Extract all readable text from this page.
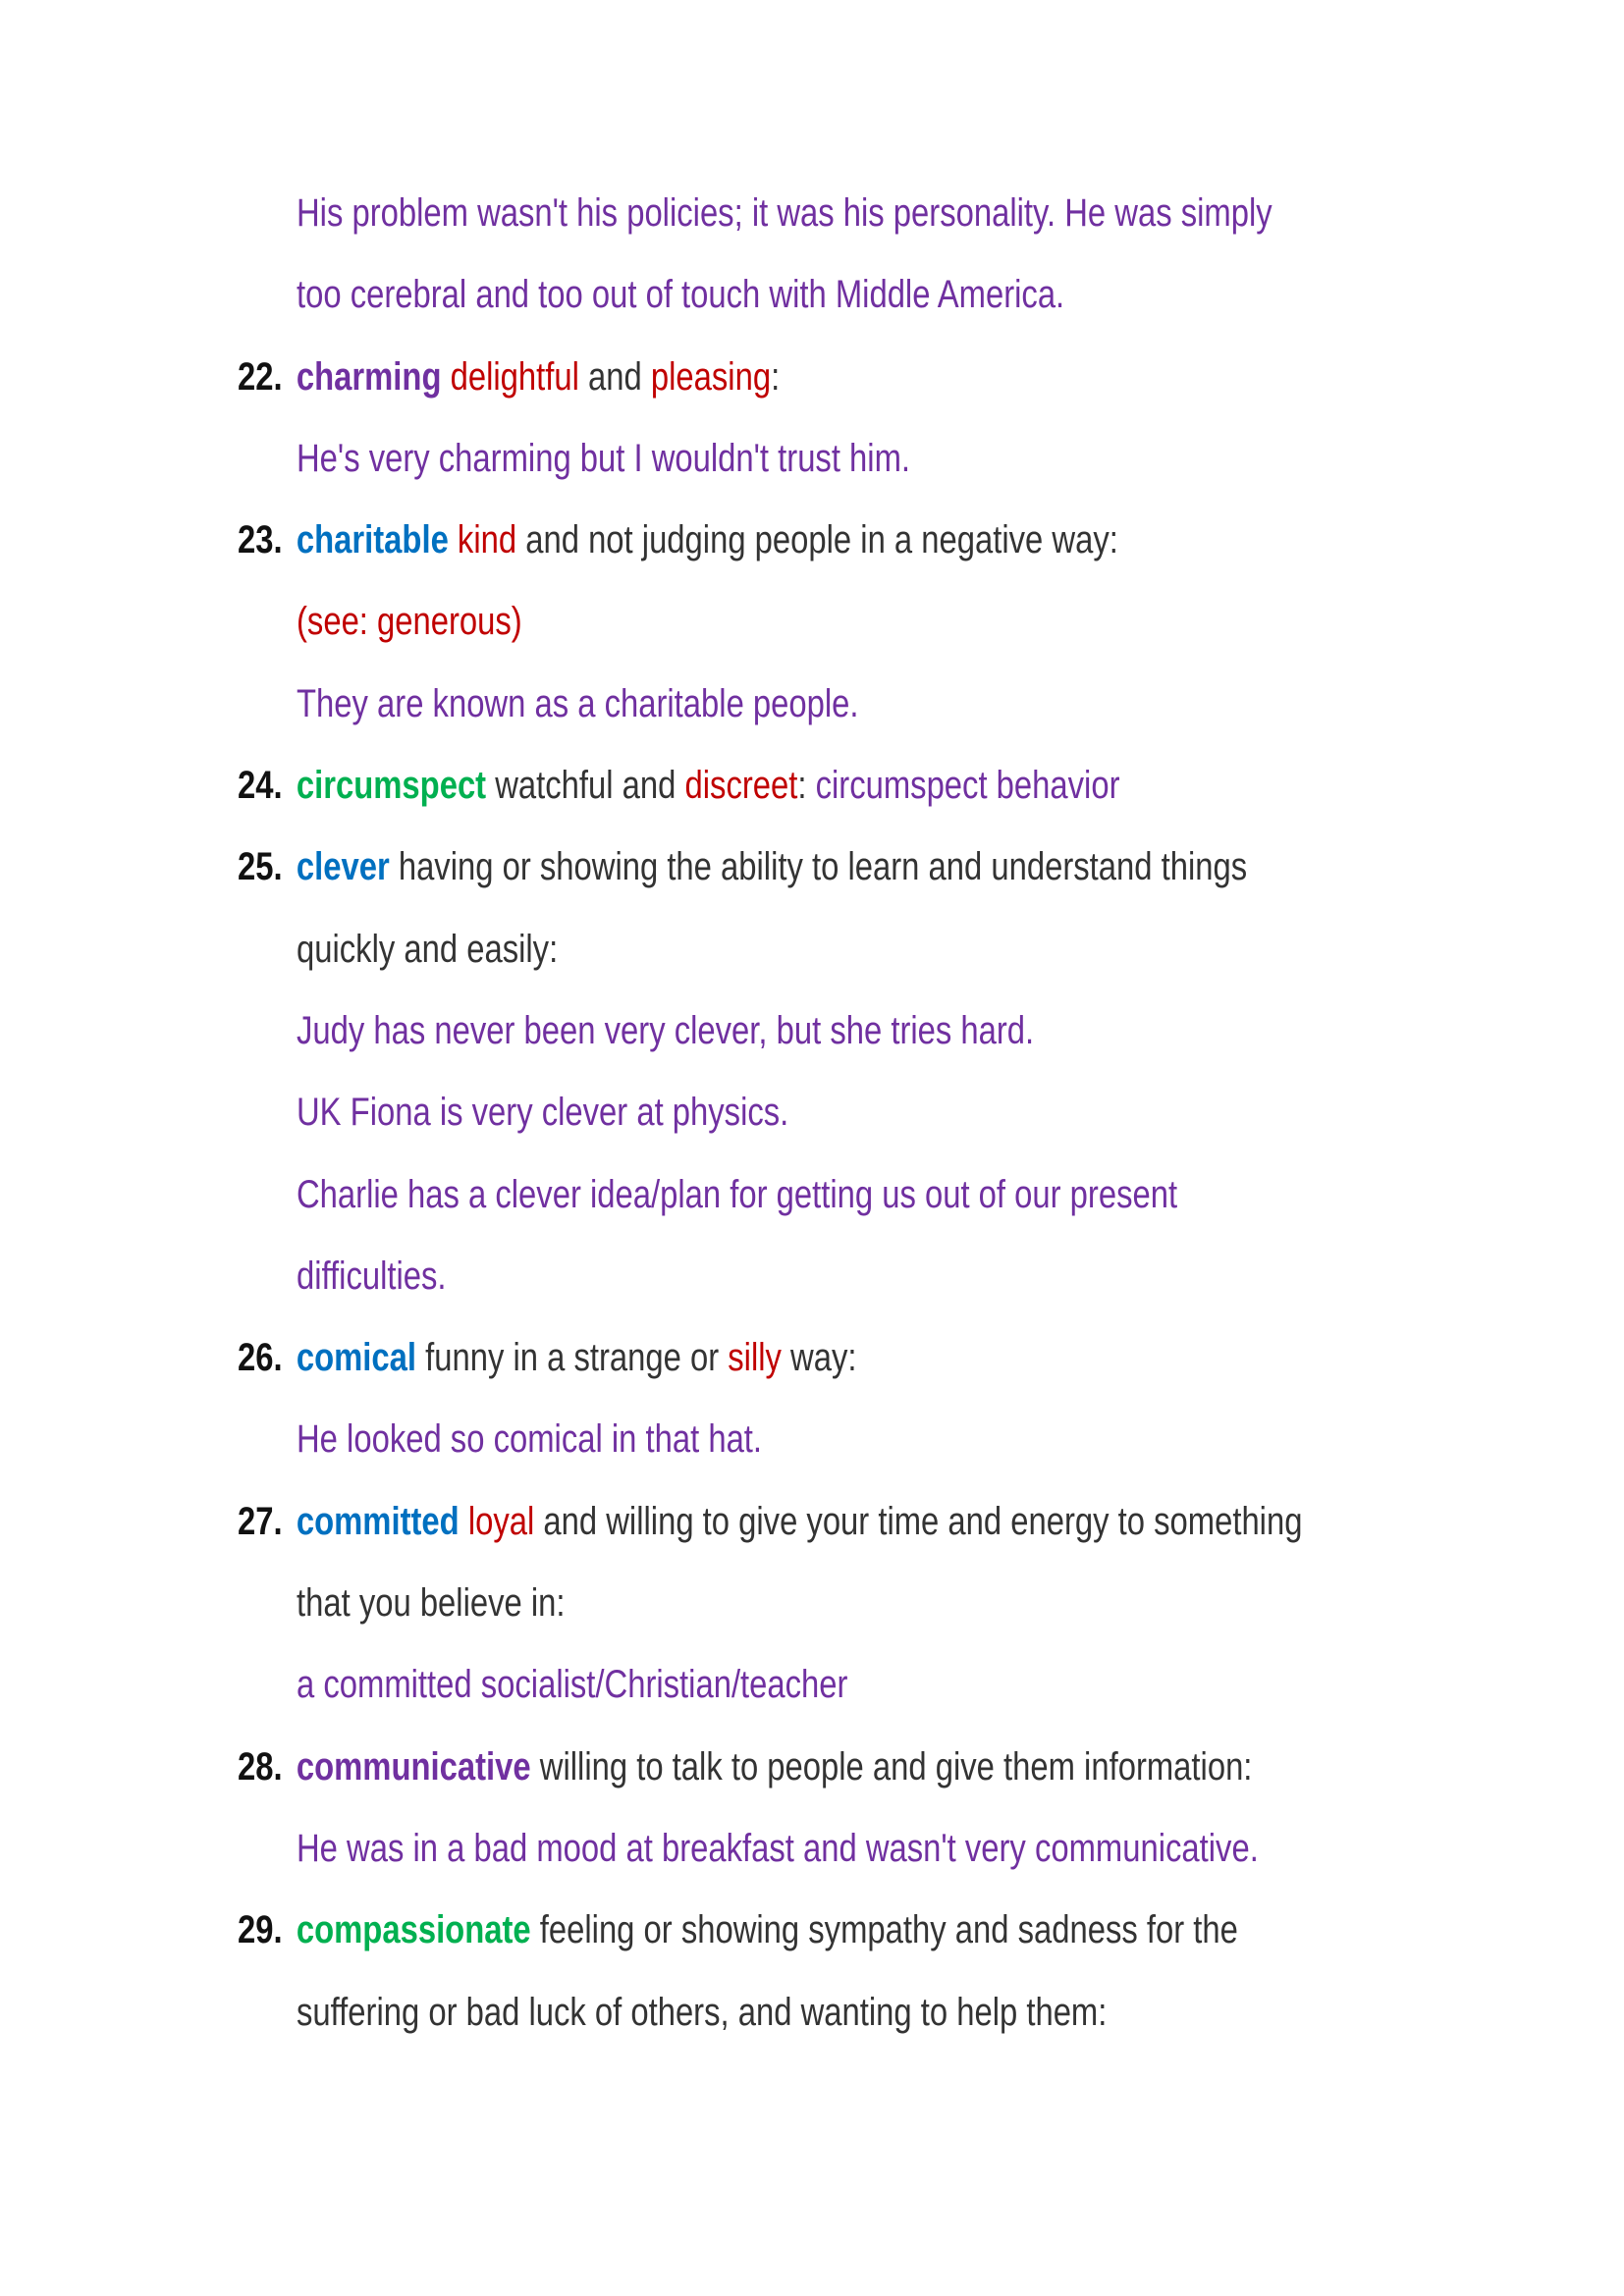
His problem wasn't his policies; it was his personality. He was simply
too cerebral and too out of touch with Middle America.
22. charming delightful and pleasing:
He's very charming but I wouldn't trust him.
23. charitable kind and not judging people in a negative way:
(see: generous)
They are known as a charitable people.
24. circumspect watchful and discreet: circumspect behavior
25. clever having or showing the ability to learn and understand things
quickly and easily:
Judy has never been very clever, but she tries hard.
UK Fiona is very clever at physics.
Charlie has a clever idea/plan for getting us out of our present
difficulties.
26. comical funny in a strange or silly way:
He looked so comical in that hat.
27. committed loyal and willing to give your time and energy to something
that you believe in:
a committed socialist/Christian/teacher
28. communicative willing to talk to people and give them information:
He was in a bad mood at breakfast and wasn't very communicative.
29. compassionate feeling or showing sympathy and sadness for the
suffering or bad luck of others, and wanting to help them:
